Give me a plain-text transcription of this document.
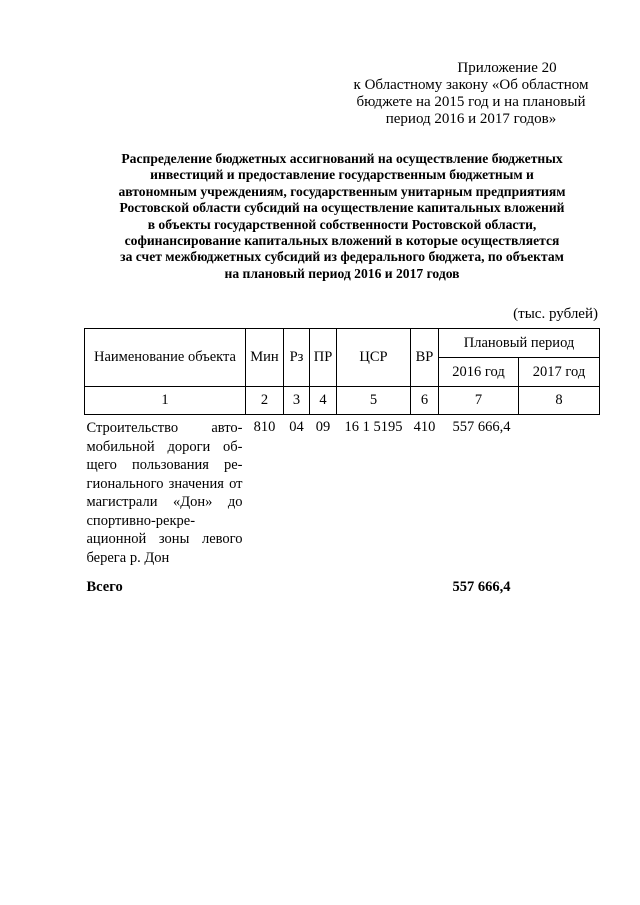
Приложение 20
к Областному закону «Об областном
бюджете на 2015 год и на плановый
период 2016 и 2017 годов»
Распределение бюджетных ассигнований на осуществление бюджетных
инвестиций и предоставление государственным бюджетным и
автономным учреждениям, государственным унитарным предприятиям
Ростовской области субсидий на осуществление капитальных вложений
в объекты государственной собственности Ростовской области,
софинансирование капитальных вложений в которые осуществляется
за счет межбюджетных субсидий из федерального бюджета, по объектам
на плановый период 2016 и 2017 годов
(тыс. рублей)
Наименование объекта	Мин	Рз	ПР	ЦСР	ВР	Плановый период	
						2016 год	2017 год
1	2	3	4	5	6	7	8
Строительство авто-мобильной дороги об-щего пользования ре-гионального значения от магистрали «Дон» до спортивно-рекре-ационной зоны левого берега р. Дон	810	04	09	16 1 5195	410	557 666,4	
Всего						557 666,4	
